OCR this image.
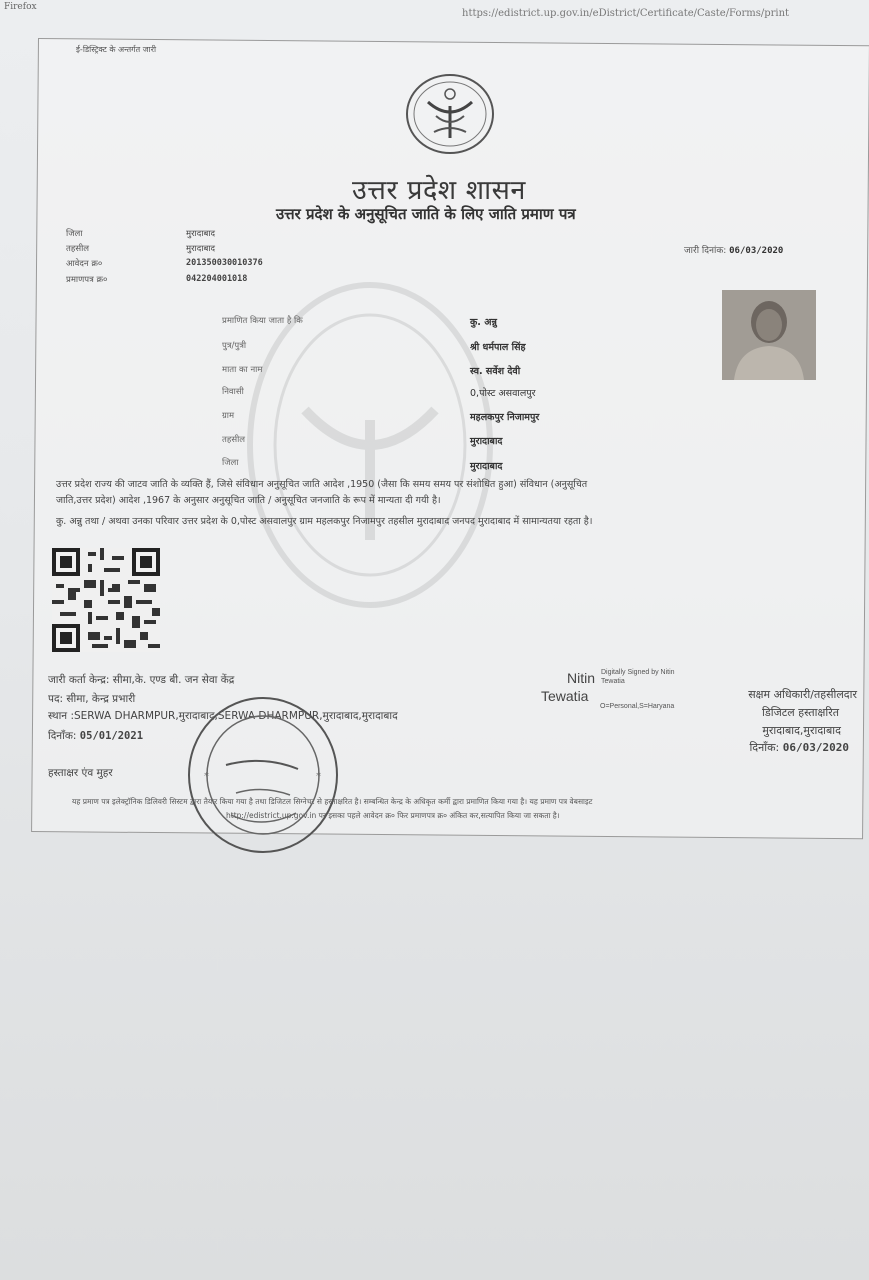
Firefox
https://edistrict.up.gov.in/eDistrict/Certificate/Caste/Forms/print
ई-डिस्ट्रिक्ट के अन्तर्गत जारी
उत्तर प्रदेश शासन
उत्तर प्रदेश के अनुसूचित जाति के लिए जाति प्रमाण पत्र
जिला	मुरादाबाद
तहसील	मुरादाबाद
आवेदन क्र०	201350030010376
प्रमाणपत्र क्र०	042204001018
जारी दिनांक: 06/03/2020
प्रमाणित किया जाता है कि	कु. अन्नु
पुत्र/पुत्री	श्री धर्मपाल सिंह
माता का नाम	स्व. सर्वेश देवी
निवासी	0,पोस्ट असवालपुर
ग्राम	महलकपुर निजामपुर
तहसील	मुरादाबाद
जिला	मुरादाबाद
उत्तर प्रदेश राज्य की जाटव जाति के व्यक्ति हैं, जिसे संविधान अनुसूचित जाति आदेश ,1950 (जैसा कि समय समय पर संशोधित हुआ) संविधान (अनुसूचित
जाति,उत्तर प्रदेश) आदेश ,1967 के अनुसार अनुसूचित जाति / अनुसूचित जनजाति के रूप में मान्यता दी गयी है।
कु. अन्नु तथा / अथवा उनका परिवार उत्तर प्रदेश के 0,पोस्ट असवालपुर ग्राम महलकपुर निजामपुर तहसील मुरादाबाद जनपद मुरादाबाद में सामान्यतया रहता है।
जारी कर्ता केन्द्र: सीमा,के. एण्ड बी. जन सेवा केंद्र
पद: सीमा, केन्द्र प्रभारी
स्थान :SERWA DHARMPUR,मुरादाबाद,SERWA DHARMPUR,मुरादाबाद,मुरादाबाद
दिनाँक: 05/01/2021
हस्ताक्षर एंव मुहर
Nitin
Tewatia
Digitally Signed by Nitin
Tewatia
O=Personal,S=Haryana
सक्षम अधिकारी/तहसीलदार
डिजिटल हस्ताक्षरित
मुरादाबाद,मुरादाबाद
दिनाँक: 06/03/2020
यह प्रमाण पत्र इलेक्ट्रॉनिक डिलिवरी सिस्टम द्वारा तैयार किया गया है तथा डिजिटल सिग्नेचर से हस्ताक्षरित है। सम्बन्धित केन्द्र के अधिकृत कर्मी द्वारा प्रमाणित किया गया है। यह प्रमाण पत्र वेबसाइट
http://edistrict.up.gov.in पर इसका पहले आवेदन क्र० फिर प्रमाणपत्र क्र० अंकित कर,सत्यापित किया जा सकता है।
*	*
